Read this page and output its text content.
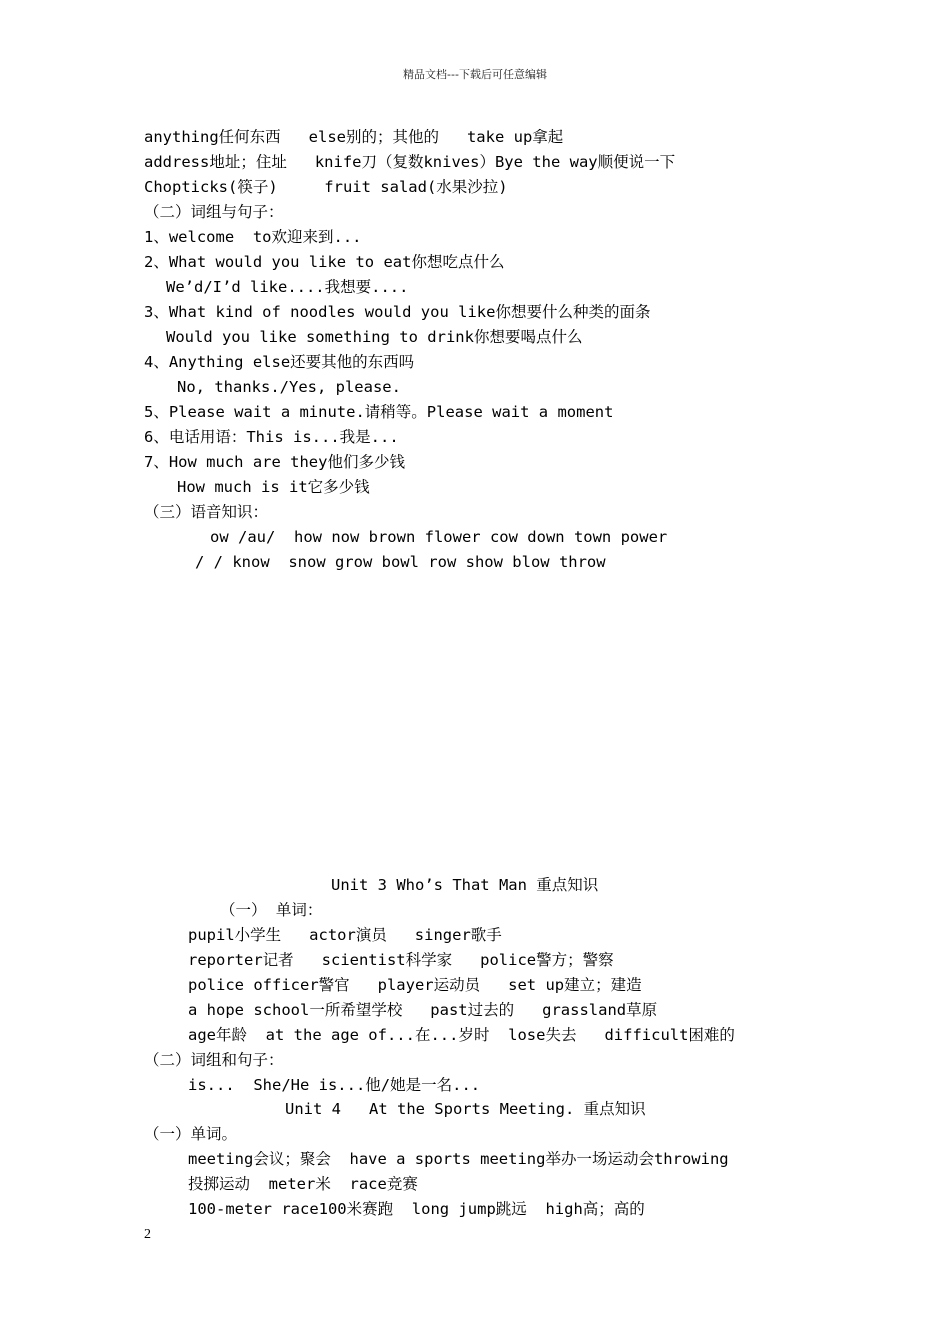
精品文档---下载后可任意编辑
anything任何东西   else别的；其他的   take up拿起
address地址；住址   knife刀（复数knives）Bye the way顺便说一下
Chopticks(筷子)     fruit salad(水果沙拉)
（二）词组与句子：
1、welcome  to欢迎来到...
2、What would you like to eat你想吃点什么
We’d/I’d like....我想要....
3、What kind of noodles would you like你想要什么种类的面条
Would you like something to drink你想要喝点什么
4、Anything else还要其他的东西吗
No, thanks./Yes, please.
5、Please wait a minute.请稍等。Please wait a moment
6、电话用语：This is...我是...
7、How much are they他们多少钱
How much is it它多少钱
（三）语音知识：
ow /au/  how now brown flower cow down town power
/ / know  snow grow bowl row show blow throw
Unit 3 Who’s That Man 重点知识
（一） 单词：
pupil小学生   actor演员   singer歌手
reporter记者   scientist科学家   police警方；警察
police officer警官   player运动员   set up建立；建造
a hope school一所希望学校   past过去的   grassland草原
age年龄  at the age of...在...岁时  lose失去   difficult困难的
（二）词组和句子：
is...  She/He is...他/她是一名...
Unit 4   At the Sports Meeting. 重点知识
（一）单词。
meeting会议；聚会  have a sports meeting举办一场运动会throwing
投掷运动  meter米  race竞赛
100-meter race100米赛跑  long jump跳远  high高；高的
2
